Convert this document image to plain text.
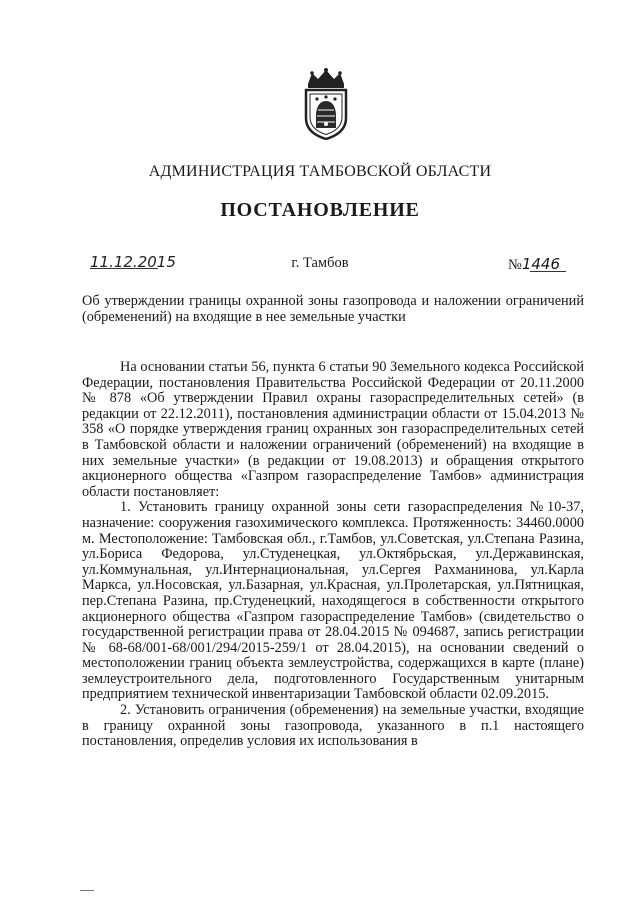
АДМИНИСТРАЦИЯ ТАМБОВСКОЙ ОБЛАСТИ
ПОСТАНОВЛЕНИЕ
11.12.2015	г. Тамбов	№1446
Об утверждении границы охранной зоны газопровода и наложении ограничений (обременений) на входящие в нее земельные участки

На основании статьи 56, пункта 6 статьи 90 Земельного кодекса Российской Федерации, постановления Правительства Российской Федерации от 20.11.2000 № 878 «Об утверждении Правил охраны газораспределительных сетей» (в редакции от 22.12.2011), постановления администрации области от 15.04.2013 № 358 «О порядке утверждения границ охранных зон газораспределительных сетей в Тамбовской области и наложении ограничений (обременений) на входящие в них земельные участки» (в редакции от 19.08.2013) и обращения открытого акционерного общества «Газпром газораспределение Тамбов» администрация области постановляет:

1. Установить границу охранной зоны сети газораспределения №10-37, назначение: сооружения газохимического комплекса. Протяженность: 34460.0000 м. Местоположение: Тамбовская обл., г.Тамбов, ул.Советская, ул.Степана Разина, ул.Бориса Федорова, ул.Студенецкая, ул.Октябрьская, ул.Державинская, ул.Коммунальная, ул.Интернациональная, ул.Сергея Рахманинова, ул.Карла Маркса, ул.Носовская, ул.Базарная, ул.Красная, ул.Пролетарская, ул.Пятницкая, пер.Степана Разина, пр.Студенецкий, находящегося в собственности открытого акционерного общества «Газпром газораспределение Тамбов» (свидетельство о государственной регистрации права от 28.04.2015 № 094687, запись регистрации № 68-68/001-68/001/294/2015-259/1 от 28.04.2015), на основании сведений о местоположении границ объекта землеустройства, содержащихся в карте (плане) землеустроительного дела, подготовленного Государственным унитарным предприятием технической инвентаризации Тамбовской области 02.09.2015.

2. Установить ограничения (обременения) на земельные участки, входящие в границу охранной зоны газопровода, указанного в п.1 настоящего постановления, определив условия их использования в
